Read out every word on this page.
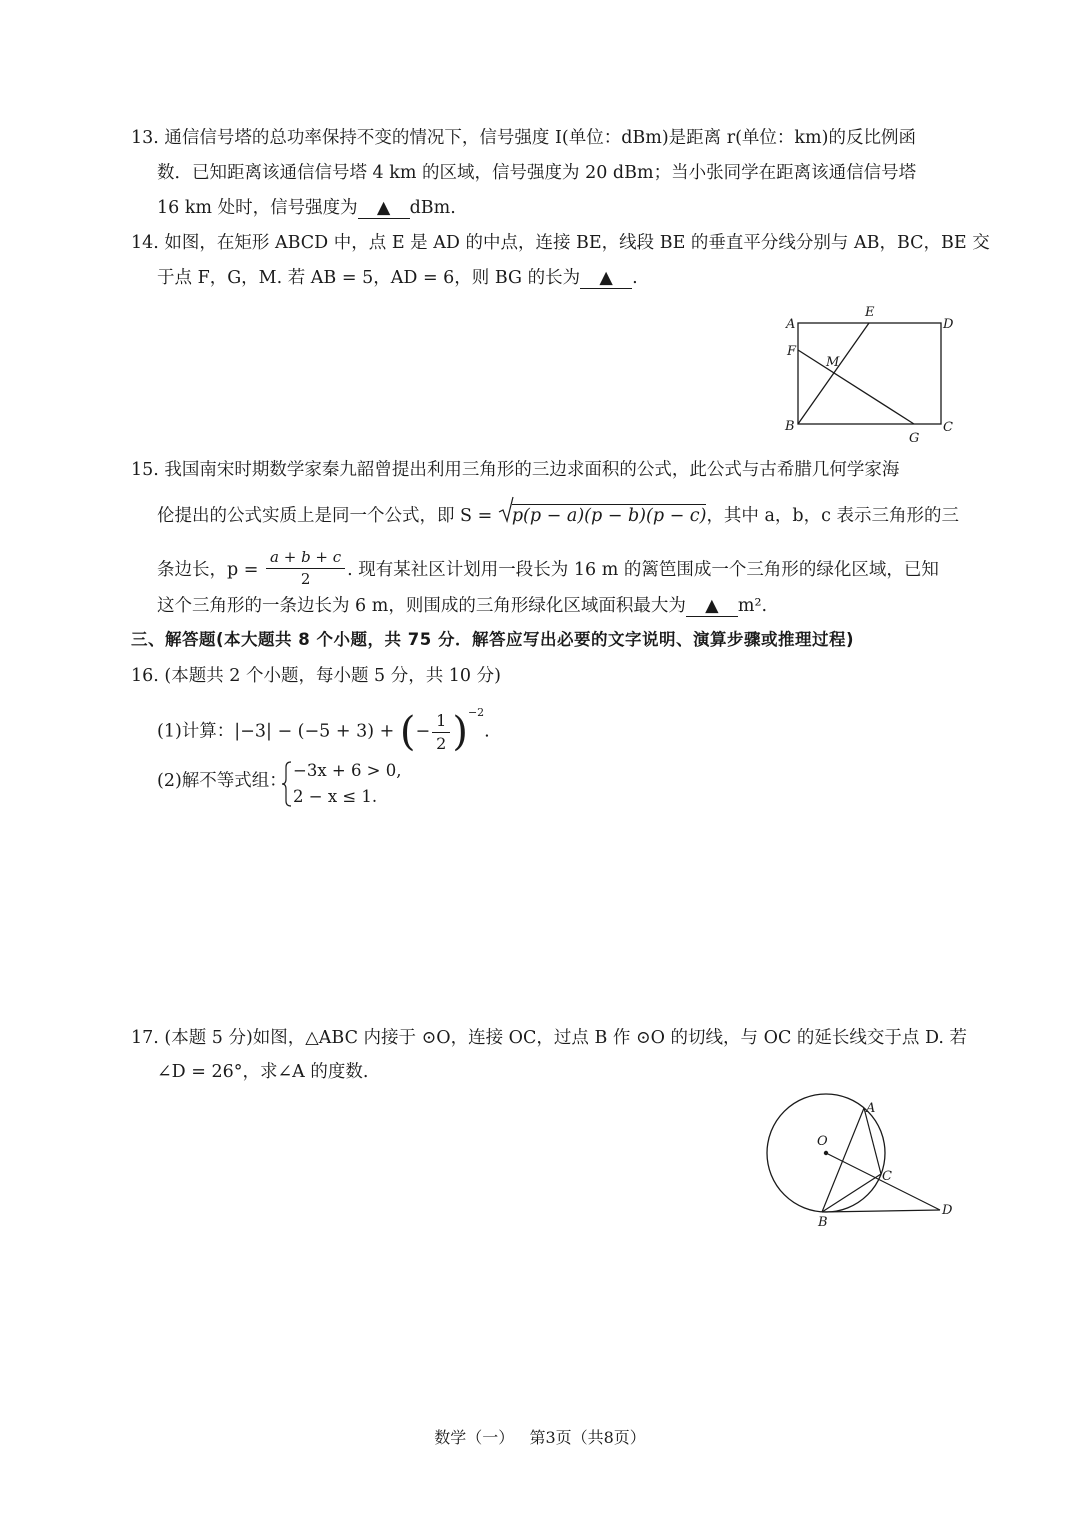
13. 通信信号塔的总功率保持不变的情况下，信号强度 I(单位：dBm)是距离 r(单位：km)的反比例函
数．已知距离该通信信号塔 4 km 的区域，信号强度为 20 dBm；当小张同学在距离该通信信号塔
16 km 处时，信号强度为 ▲ dBm.
14. 如图，在矩形 ABCD 中，点 E 是 AD 的中点，连接 BE，线段 BE 的垂直平分线分别与 AB，BC，BE 交
于点 F，G，M. 若 AB = 5，AD = 6，则 BG 的长为 ▲ .
A
E
D
F
M
B
G
C
15. 我国南宋时期数学家秦九韶曾提出利用三角形的三边求面积的公式，此公式与古希腊几何学家海
伦提出的公式实质上是同一个公式，即 S = p(p − a)(p − b)(p − c)，其中 a，b，c 表示三角形的三
条边长，$p = \frac{a + b + c}{2}$ . 现有某社区计划用一段长为 16 m 的篱笆围成一个三角形的绿化区域，已知
这个三角形的一条边长为 6 m，则围成的三角形绿化区域面积最大为 ▲ m².
三、解答题(本大题共 8 个小题，共 75 分．解答应写出必要的文字说明、演算步骤或推理过程)
16. (本题共 2 个小题，每小题 5 分，共 10 分)
(1)计算：|−3| − (−5 + 3) + (− $\frac{1}{2} )^{-2}$.
(2)解不等式组：
−3x + 6 > 0,
2 − x ≤ 1.
17. (本题 5 分)如图，△ABC 内接于 ⊙O，连接 OC，过点 B 作 ⊙O 的切线，与 OC 的延长线交于点 D. 若
∠D = 26°，求∠A 的度数.
A
O
C
B
D
数学（一）   第3页（共8页）
